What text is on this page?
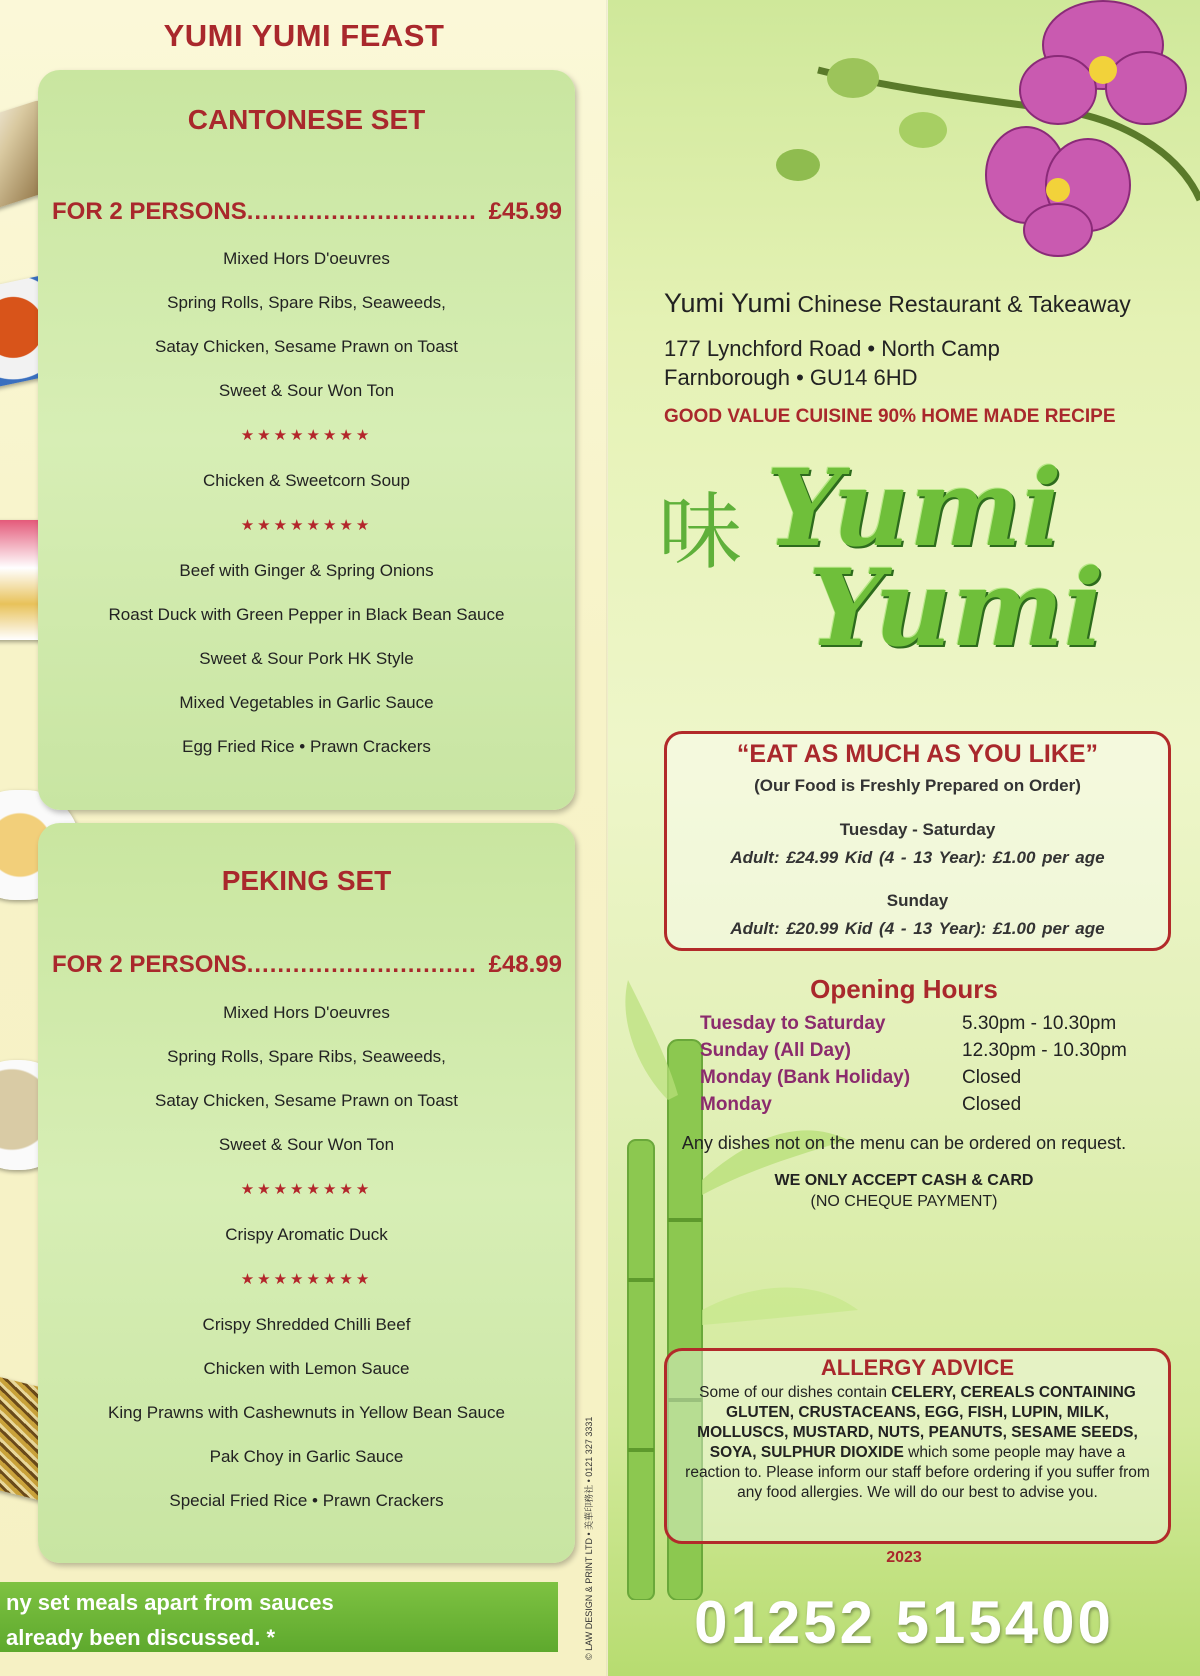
YUMI YUMI FEAST
CANTONESE SET
FOR 2 PERSONS .............................. £45.99
Mixed Hors D'oeuvres
Spring Rolls, Spare Ribs, Seaweeds,
Satay Chicken, Sesame Prawn on Toast
Sweet & Sour Won Ton
★★★★★★★★
Chicken & Sweetcorn Soup
★★★★★★★★
Beef with Ginger & Spring Onions
Roast Duck with Green Pepper in Black Bean Sauce
Sweet & Sour Pork HK Style
Mixed Vegetables in Garlic Sauce
Egg Fried Rice • Prawn Crackers
PEKING SET
FOR 2 PERSONS .............................. £48.99
Mixed Hors D'oeuvres
Spring Rolls, Spare Ribs, Seaweeds,
Satay Chicken, Sesame Prawn on Toast
Sweet & Sour Won Ton
★★★★★★★★
Crispy Aromatic Duck
★★★★★★★★
Crispy Shredded Chilli Beef
Chicken with Lemon Sauce
King Prawns with Cashewnuts in Yellow Bean Sauce
Pak Choy in Garlic Sauce
Special Fried Rice • Prawn Crackers
ny set meals apart from sauces
already been discussed. *	© LAW DESIGN & PRINT LTD • 美華印務社 • 0121 327 3331
Yumi Yumi Chinese Restaurant & Takeaway
177 Lynchford Road • North Camp
Farnborough • GU14 6HD
GOOD VALUE CUISINE 90% HOME MADE RECIPE
味 Yumi
Yumi
“EAT AS MUCH AS YOU LIKE”
(Our Food is Freshly Prepared on Order)
Tuesday - Saturday
Adult: £24.99 Kid (4 - 13 Year): £1.00 per age
Sunday
Adult: £20.99 Kid (4 - 13 Year): £1.00 per age
Opening Hours
Tuesday to Saturday	5.30pm - 10.30pm
Sunday (All Day)	12.30pm - 10.30pm
Monday (Bank Holiday)	Closed
Monday	Closed
Any dishes not on the menu can be ordered on request.
WE ONLY ACCEPT CASH & CARD
(NO CHEQUE PAYMENT)
ALLERGY ADVICE
Some of our dishes contain CELERY, CEREALS CONTAINING GLUTEN, CRUSTACEANS, EGG, FISH, LUPIN, MILK, MOLLUSCS, MUSTARD, NUTS, PEANUTS, SESAME SEEDS, SOYA, SULPHUR DIOXIDE which some people may have a reaction to. Please inform our staff before ordering if you suffer from any food allergies. We will do our best to advise you.
2023
01252 515400
